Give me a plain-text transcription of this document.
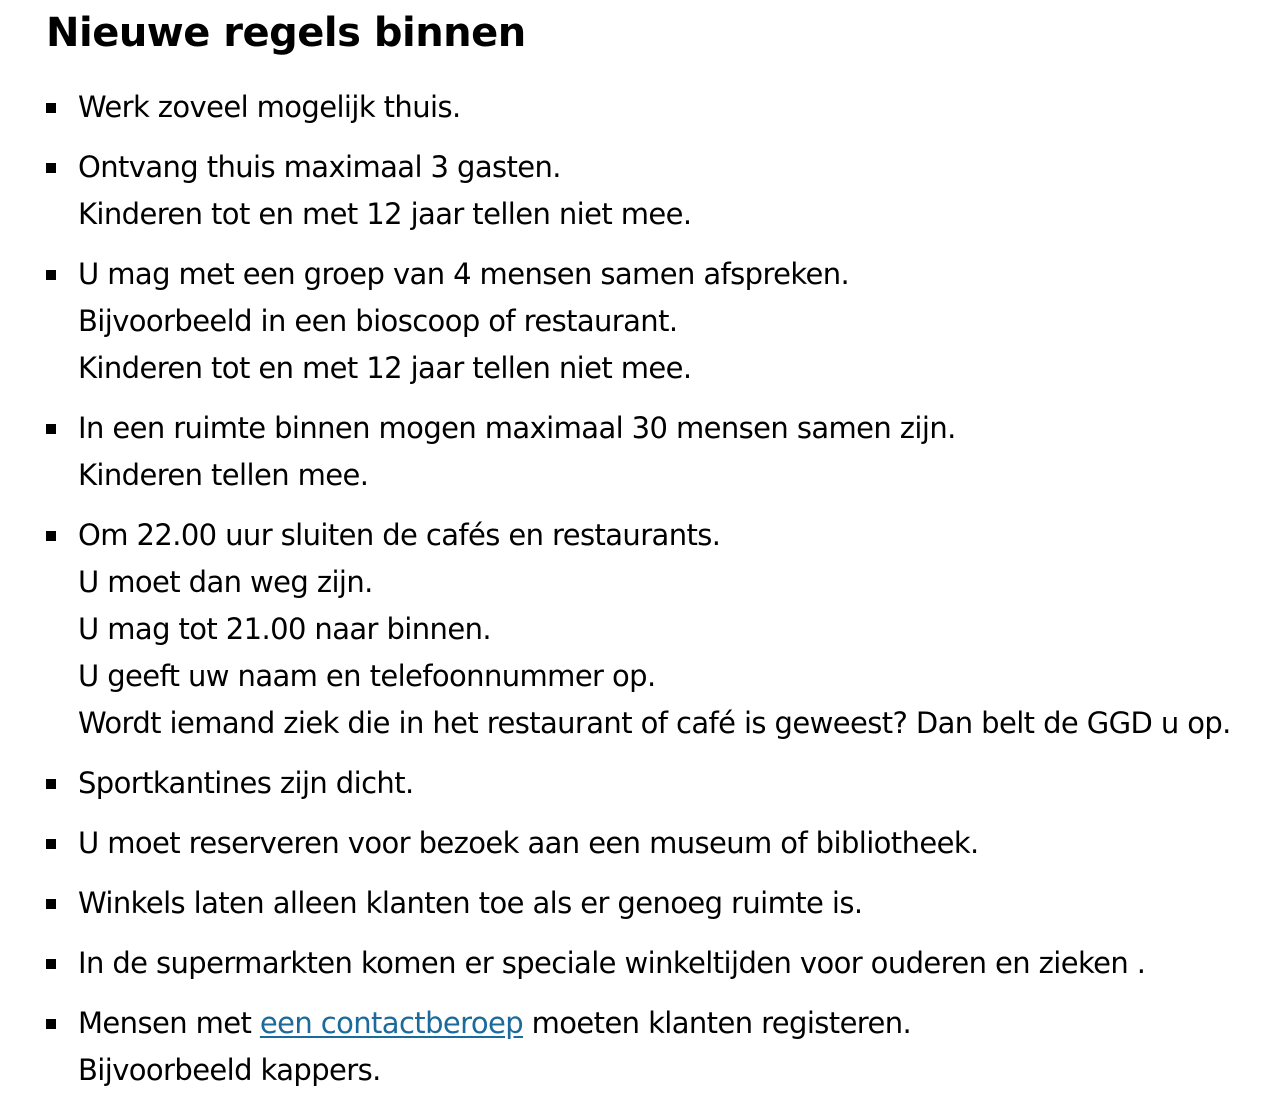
Nieuwe regels binnen
Werk zoveel mogelijk thuis.
Ontvang thuis maximaal 3 gasten.
Kinderen tot en met 12 jaar tellen niet mee.
U mag met een groep van 4 mensen samen afspreken.
Bijvoorbeeld in een bioscoop of restaurant.
Kinderen tot en met 12 jaar tellen niet mee.
In een ruimte binnen mogen maximaal 30 mensen samen zijn.
Kinderen tellen mee.
Om 22.00 uur sluiten de cafés en restaurants.
U moet dan weg zijn.
U mag tot 21.00 naar binnen.
U geeft uw naam en telefoonnummer op.
Wordt iemand ziek die in het restaurant of café is geweest? Dan belt de GGD u op.
Sportkantines zijn dicht.
U moet reserveren voor bezoek aan een museum of bibliotheek.
Winkels laten alleen klanten toe als er genoeg ruimte is.
In de supermarkten komen er speciale winkeltijden voor ouderen en zieken .
Mensen met een contactberoep moeten klanten registeren.
Bijvoorbeeld kappers.
